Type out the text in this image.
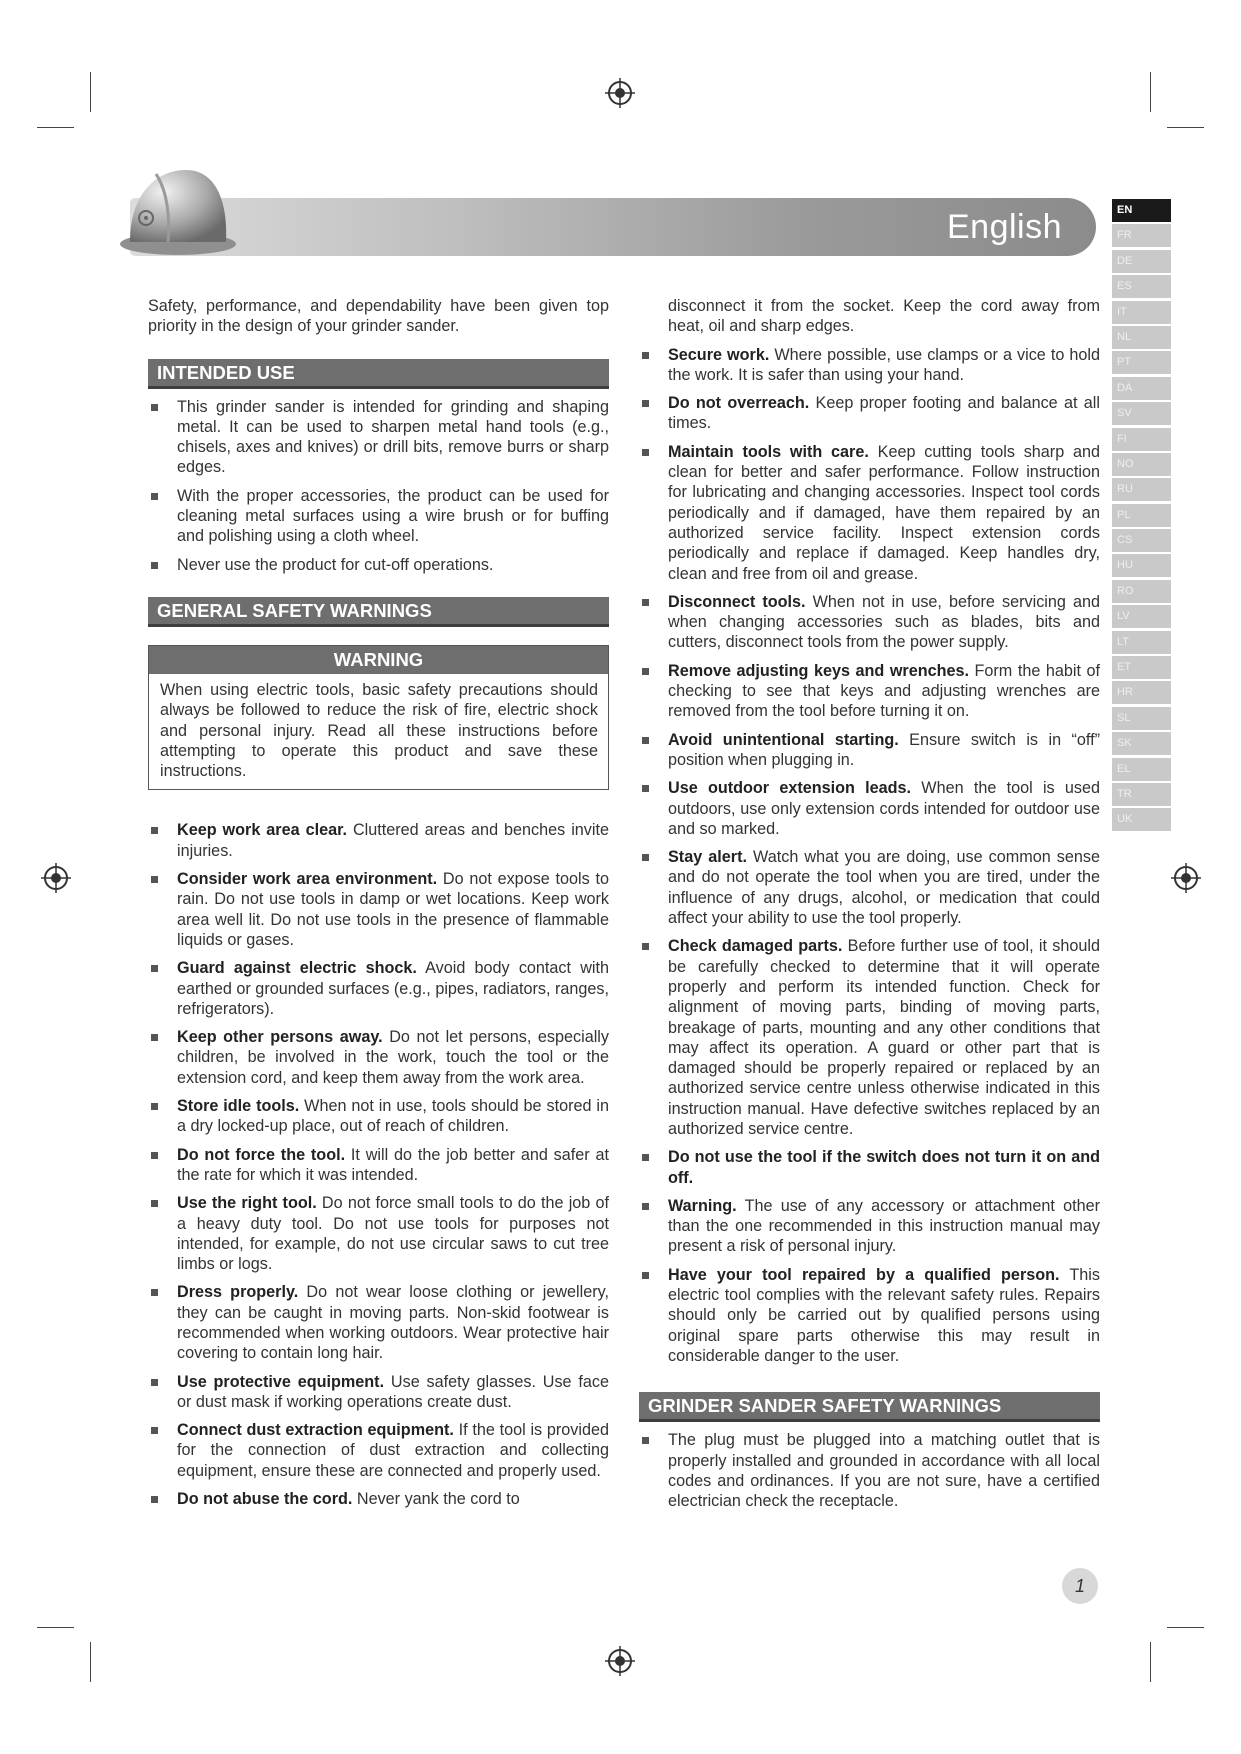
English	EN
FR
DE
ES
IT
NL
PT
DA
SV
FI
NO
RU
PL
CS
HU
RO
LV
LT
ET
HR
SL
SK
EL
TR
UK

Safety, performance, and dependability have been given top priority in the design of your grinder sander.

INTENDED USE

This grinder sander is intended for grinding and shaping metal. It can be used to sharpen metal hand tools (e.g., chisels, axes and knives) or drill bits, remove burrs or sharp edges.

With the proper accessories, the product can be used for cleaning metal surfaces using a wire brush or for buffing and polishing using a cloth wheel.

Never use the product for cut-off operations.

GENERAL SAFETY WARNINGS
WARNING

When using electric tools, basic safety precautions should always be followed to reduce the risk of fire, electric shock and personal injury. Read all these instructions before attempting to operate this product and save these instructions.

Keep work area clear. Cluttered areas and benches invite injuries.

Consider work area environment. Do not expose tools to rain. Do not use tools in damp or wet locations. Keep work area well lit. Do not use tools in the presence of flammable liquids or gases.

Guard against electric shock. Avoid body contact with earthed or grounded surfaces (e.g., pipes, radiators, ranges, refrigerators).

Keep other persons away. Do not let persons, especially children, be involved in the work, touch the tool or the extension cord, and keep them away from the work area.

Store idle tools. When not in use, tools should be stored in a dry locked-up place, out of reach of children.

Do not force the tool. It will do the job better and safer at the rate for which it was intended.

Use the right tool. Do not force small tools to do the job of a heavy duty tool. Do not use tools for purposes not intended, for example, do not use circular saws to cut tree limbs or logs.

Dress properly. Do not wear loose clothing or jewellery, they can be caught in moving parts. Non-skid footwear is recommended when working outdoors. Wear protective hair covering to contain long hair.

Use protective equipment. Use safety glasses. Use face or dust mask if working operations create dust.

Connect dust extraction equipment. If the tool is provided for the connection of dust extraction and collecting equipment, ensure these are connected and properly used.

Do not abuse the cord. Never yank the cord to

disconnect it from the socket. Keep the cord away from heat, oil and sharp edges.

Secure work. Where possible, use clamps or a vice to hold the work. It is safer than using your hand.

Do not overreach. Keep proper footing and balance at all times.

Maintain tools with care. Keep cutting tools sharp and clean for better and safer performance. Follow instruction for lubricating and changing accessories. Inspect tool cords periodically and if damaged, have them repaired by an authorized service facility. Inspect extension cords periodically and replace if damaged. Keep handles dry, clean and free from oil and grease.

Disconnect tools. When not in use, before servicing and when changing accessories such as blades, bits and cutters, disconnect tools from the power supply.

Remove adjusting keys and wrenches. Form the habit of checking to see that keys and adjusting wrenches are removed from the tool before turning it on.

Avoid unintentional starting. Ensure switch is in “off” position when plugging in.

Use outdoor extension leads. When the tool is used outdoors, use only extension cords intended for outdoor use and so marked.

Stay alert. Watch what you are doing, use common sense and do not operate the tool when you are tired, under the influence of any drugs, alcohol, or medication that could affect your ability to use the tool properly.

Check damaged parts. Before further use of tool, it should be carefully checked to determine that it will operate properly and perform its intended function. Check for alignment of moving parts, binding of moving parts, breakage of parts, mounting and any other conditions that may affect its operation. A guard or other part that is damaged should be properly repaired or replaced by an authorized service centre unless otherwise indicated in this instruction manual. Have defective switches replaced by an authorized service centre.

Do not use the tool if the switch does not turn it on and off.

Warning. The use of any accessory or attachment other than the one recommended in this instruction manual may present a risk of personal injury.

Have your tool repaired by a qualified person. This electric tool complies with the relevant safety rules. Repairs should only be carried out by qualified persons using original spare parts otherwise this may result in considerable danger to the user.

GRINDER SANDER SAFETY WARNINGS

The plug must be plugged into a matching outlet that is properly installed and grounded in accordance with all local codes and ordinances. If you are not sure, have a certified electrician check the receptacle.

1
